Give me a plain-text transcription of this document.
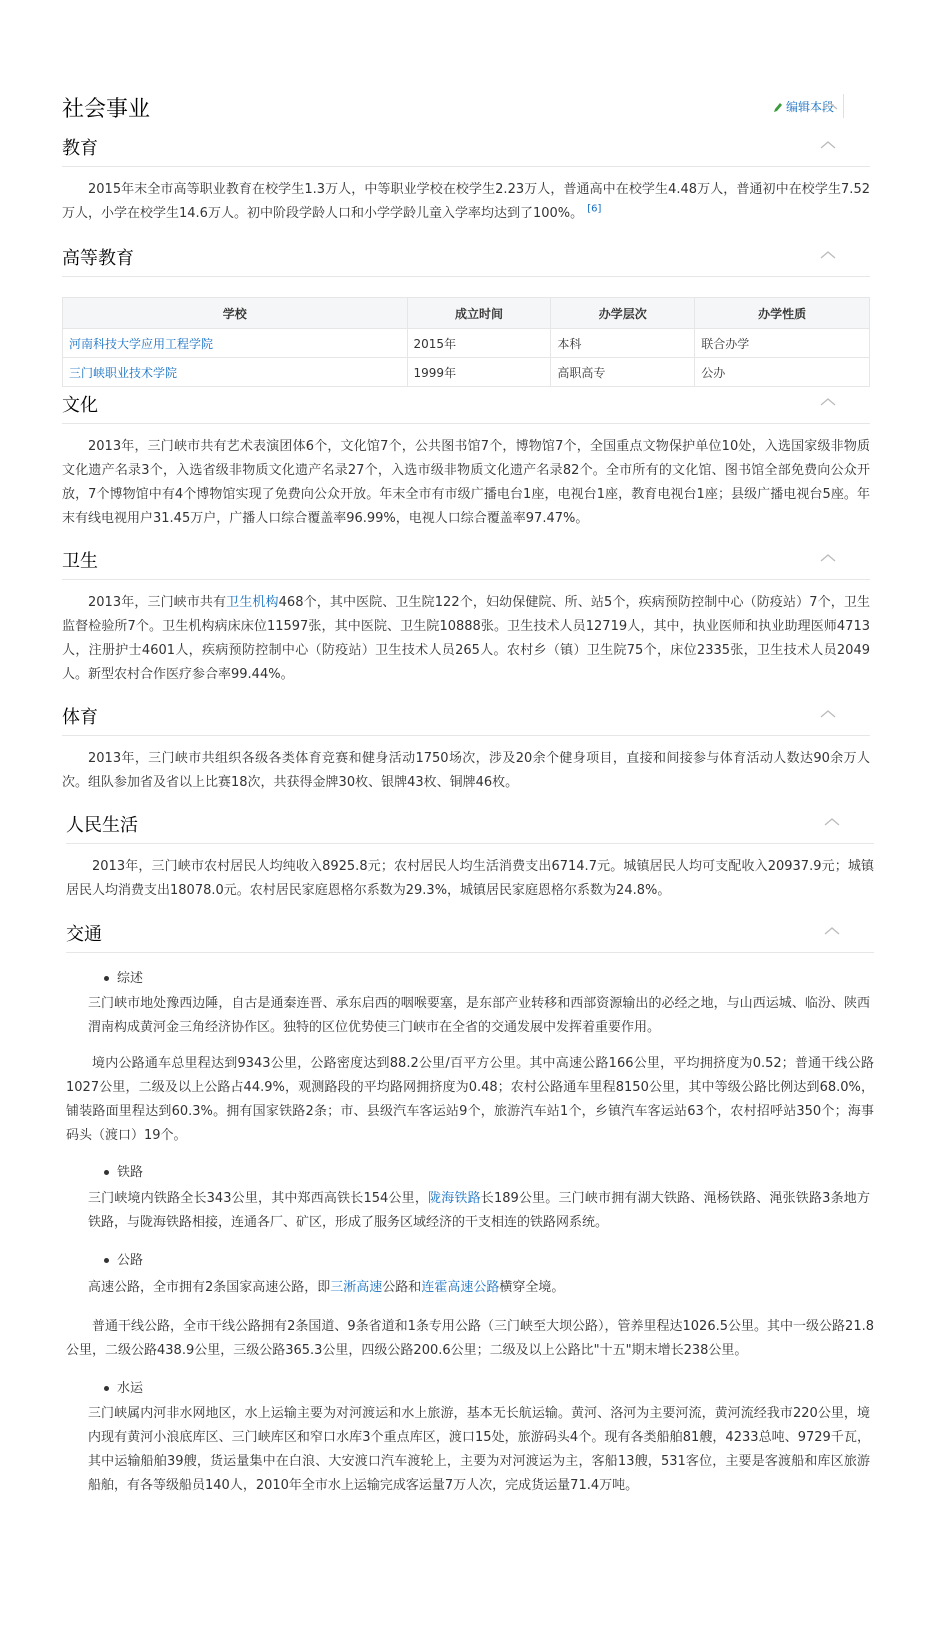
社会事业	编辑本段
教育

2015年末全市高等职业教育在校学生1.3万人，中等职业学校在校学生2.23万人，普通高中在校学生4.48万人，普通初中在校学生7.52万人，小学在校学生14.6万人。初中阶段学龄人口和小学学龄儿童入学率均达到了100%。 [6]

高等教育
学校	成立时间	办学层次	办学性质
河南科技大学应用工程学院	2015年	本科	联合办学
三门峡职业技术学院	1999年	高职高专	公办
文化

2013年，三门峡市共有艺术表演团体6个，文化馆7个，公共图书馆7个，博物馆7个，全国重点文物保护单位10处，入选国家级非物质文化遗产名录3个，入选省级非物质文化遗产名录27个，入选市级非物质文化遗产名录82个。全市所有的文化馆、图书馆全部免费向公众开放，7个博物馆中有4个博物馆实现了免费向公众开放。年末全市有市级广播电台1座，电视台1座，教育电视台1座；县级广播电视台5座。年末有线电视用户31.45万户，广播人口综合覆盖率96.99%，电视人口综合覆盖率97.47%。

卫生

2013年，三门峡市共有卫生机构468个，其中医院、卫生院122个，妇幼保健院、所、站5个，疾病预防控制中心（防疫站）7个，卫生监督检验所7个。卫生机构病床床位11597张，其中医院、卫生院10888张。卫生技术人员12719人，其中，执业医师和执业助理医师4713人，注册护士4601人，疾病预防控制中心（防疫站）卫生技术人员265人。农村乡（镇）卫生院75个，床位2335张，卫生技术人员2049人。新型农村合作医疗参合率99.44%。

体育

2013年，三门峡市共组织各级各类体育竞赛和健身活动1750场次，涉及20余个健身项目，直接和间接参与体育活动人数达90余万人次。组队参加省及省以上比赛18次，共获得金牌30枚、银牌43枚、铜牌46枚。

人民生活

2013年，三门峡市农村居民人均纯收入8925.8元；农村居民人均生活消费支出6714.7元。城镇居民人均可支配收入20937.9元；城镇居民人均消费支出18078.0元。农村居民家庭恩格尔系数为29.3%，城镇居民家庭恩格尔系数为24.8%。

交通
综述

三门峡市地处豫西边陲，自古是通秦连晋、承东启西的咽喉要塞，是东部产业转移和西部资源输出的必经之地，与山西运城、临汾、陕西渭南构成黄河金三角经济协作区。独特的区位优势使三门峡市在全省的交通发展中发挥着重要作用。

境内公路通车总里程达到9343公里，公路密度达到88.2公里/百平方公里。其中高速公路166公里，平均拥挤度为0.52；普通干线公路1027公里，二级及以上公路占44.9%，观测路段的平均路网拥挤度为0.48；农村公路通车里程8150公里，其中等级公路比例达到68.0%，铺装路面里程达到60.3%。拥有国家铁路2条；市、县级汽车客运站9个，旅游汽车站1个，乡镇汽车客运站63个，农村招呼站350个；海事码头（渡口）19个。

铁路

三门峡境内铁路全长343公里，其中郑西高铁长154公里，陇海铁路长189公里。三门峡市拥有湖大铁路、渑杨铁路、渑张铁路3条地方铁路，与陇海铁路相接，连通各厂、矿区，形成了服务区域经济的干支相连的铁路网系统。

公路

高速公路，全市拥有2条国家高速公路，即三淅高速公路和连霍高速公路横穿全境。

普通干线公路，全市干线公路拥有2条国道、9条省道和1条专用公路（三门峡至大坝公路），管养里程达1026.5公里。其中一级公路21.8公里，二级公路438.9公里，三级公路365.3公里，四级公路200.6公里；二级及以上公路比"十五"期末增长238公里。

水运

三门峡属内河非水网地区，水上运输主要为对河渡运和水上旅游，基本无长航运输。黄河、洛河为主要河流，黄河流经我市220公里，境内现有黄河小浪底库区、三门峡库区和窄口水库3个重点库区，渡口15处，旅游码头4个。现有各类船舶81艘，4233总吨、9729千瓦，其中运输船舶39艘，货运量集中在白浪、大安渡口汽车渡轮上，主要为对河渡运为主，客船13艘，531客位，主要是客渡船和库区旅游船舶，有各等级船员140人，2010年全市水上运输完成客运量7万人次，完成货运量71.4万吨。
